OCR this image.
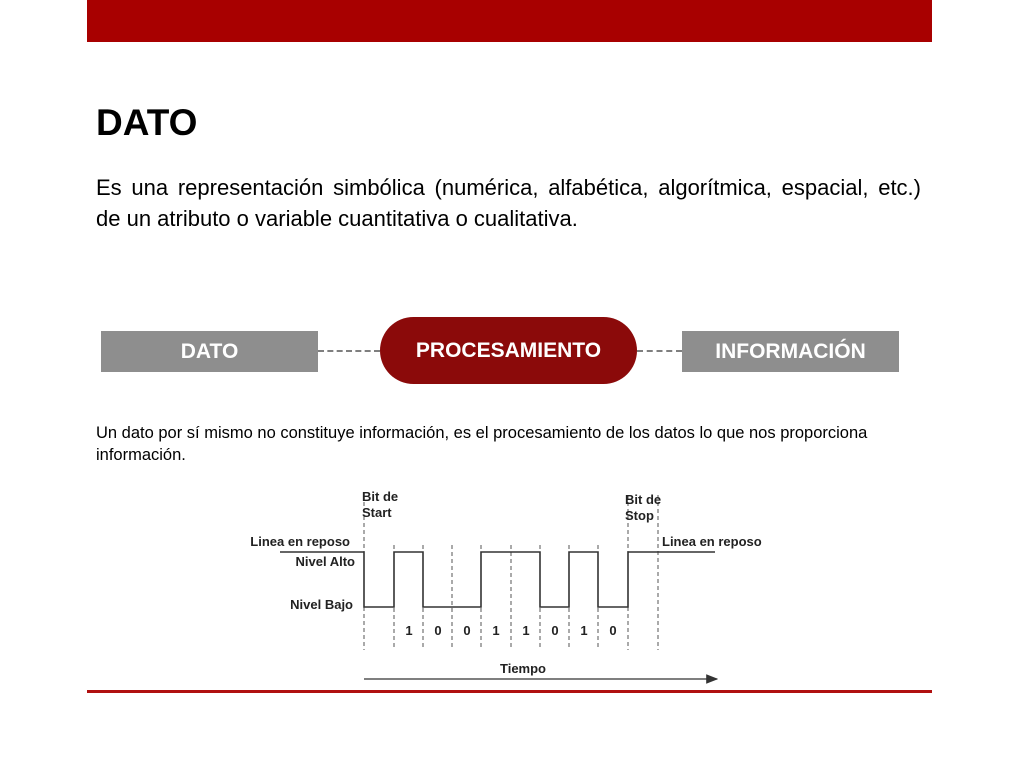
DATO

Es una representación simbólica (numérica, alfabética, algorítmica, espacial, etc.) de un atributo o variable cuantitativa o cualitativa.

DATO	PROCESAMIENTO	INFORMACIÓN

Un dato por sí mismo no constituye información, es el procesamiento de los datos lo que nos proporciona información.

Bit de
Start
Bit de
Stop
Linea en reposo	Linea en reposo
Nivel Alto
Nivel Bajo
1 0 0 1 1 0 1 0
Tiempo
